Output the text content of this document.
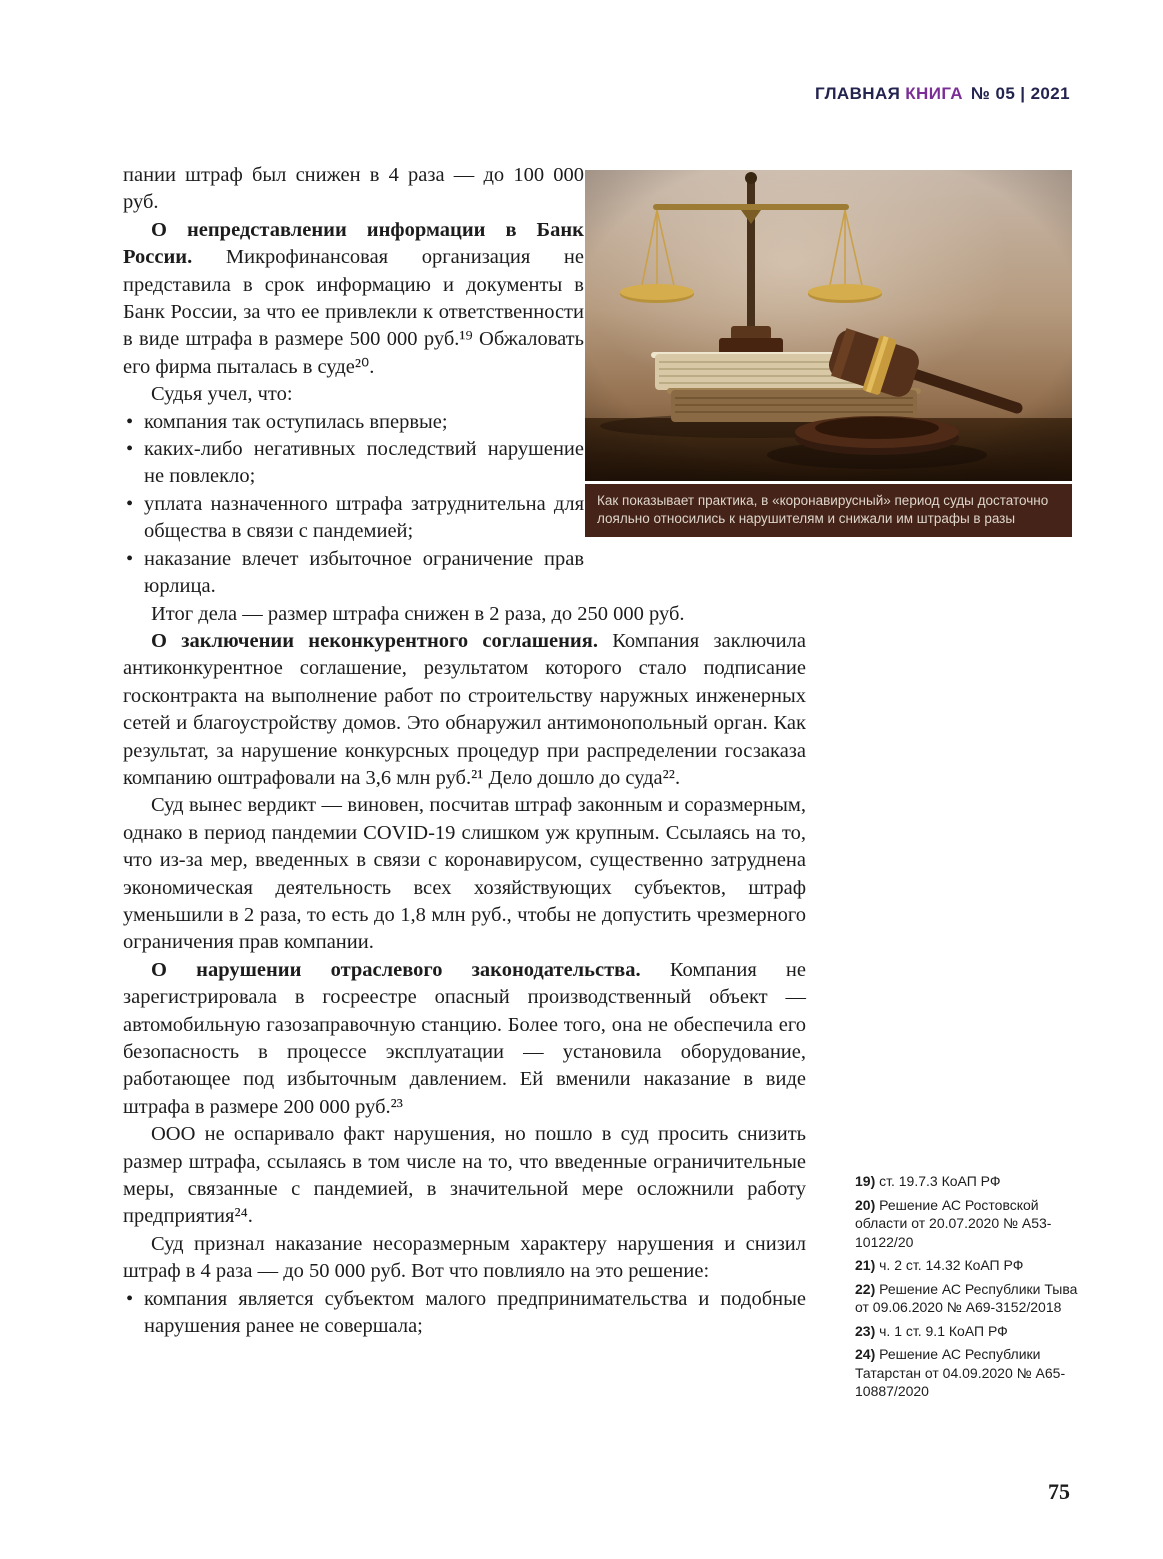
ГЛАВНАЯ КНИГА № 05 | 2021
Как показывает практика, в «коронавирусный» период суды достаточно лояльно относились к нарушителям и снижали им штрафы в разы

пании штраф был снижен в 4 раза — до 100 000 руб.

О непредставлении информации в Банк России. Микрофинансовая организация не представила в срок информацию и документы в Банк России, за что ее привлекли к ответственности в виде штрафа в размере 500 000 руб.¹⁹ Обжаловать его фирма пыталась в суде²⁰.

Судья учел, что:

• компания так оступилась впервые;
• каких-либо негативных последствий нарушение не повлекло;
• уплата назначенного штрафа затруднительна для общества в связи с пандемией;
• наказание влечет избыточное ограничение прав юрлица.

Итог дела — размер штрафа снижен в 2 раза, до 250 000 руб.

О заключении неконкурентного соглашения. Компания заключила антиконкурентное соглашение, результатом которого стало подписание госконтракта на выполнение работ по строительству наружных инженерных сетей и благоустройству домов. Это обнаружил антимонопольный орган. Как результат, за нарушение конкурсных процедур при распределении госзаказа компанию оштрафовали на 3,6 млн руб.²¹ Дело дошло до суда²².

Суд вынес вердикт — виновен, посчитав штраф законным и соразмерным, однако в период пандемии COVID-19 слишком уж крупным. Ссылаясь на то, что из-за мер, введенных в связи с коронавирусом, существенно затруднена экономическая деятельность всех хозяйствующих субъектов, штраф уменьшили в 2 раза, то есть до 1,8 млн руб., чтобы не допустить чрезмерного ограничения прав компании.

О нарушении отраслевого законодательства. Компания не зарегистрировала в госреестре опасный производственный объект — автомобильную газозаправочную станцию. Более того, она не обеспечила его безопасность в процессе эксплуатации — установила оборудование, работающее под избыточным давлением. Ей вменили наказание в виде штрафа в размере 200 000 руб.²³

ООО не оспаривало факт нарушения, но пошло в суд просить снизить размер штрафа, ссылаясь в том числе на то, что введенные ограничительные меры, связанные с пандемией, в значительной мере осложнили работу предприятия²⁴.

Суд признал наказание несоразмерным характеру нарушения и снизил штраф в 4 раза — до 50 000 руб. Вот что повлияло на это решение:

• компания является субъектом малого предпринимательства и подобные нарушения ранее не совершала;
19) ст. 19.7.3 КоАП РФ
20) Решение АС Ростовской области от 20.07.2020 № А53-10122/20
21) ч. 2 ст. 14.32 КоАП РФ
22) Решение АС Республики Тыва от 09.06.2020 № А69-3152/2018
23) ч. 1 ст. 9.1 КоАП РФ
24) Решение АС Республики Татарстан от 04.09.2020 № А65-10887/2020
75
